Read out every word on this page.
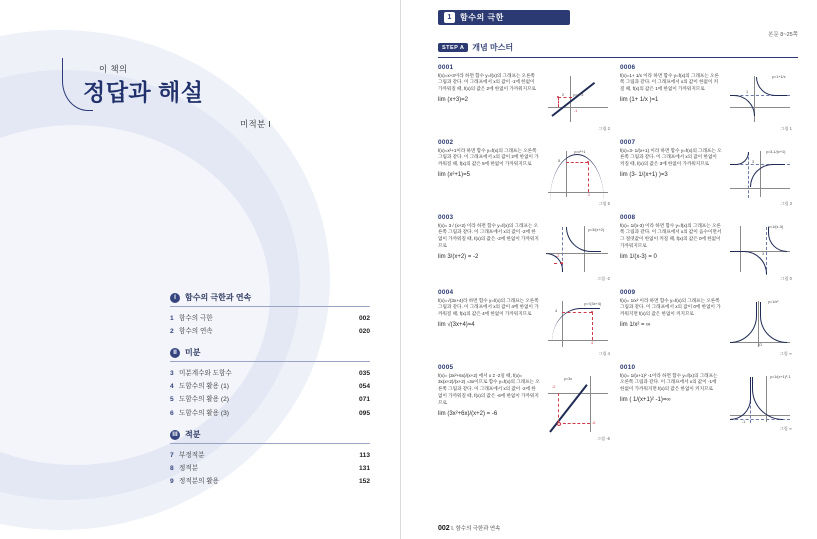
이 책의
정답과 해설
미적분 I
I	함수의 극한과 연속
1 함수의 극한	002
2 함수의 연속	020
II	미분
3 미분계수와 도함수	035
4 도함수의 활용 (1)	054
5 도함수의 활용 (2)	071
6 도함수의 활용 (3)	095
III 적분
7 부정적분	113
8 정적분	131
9 정적분의 활용	152
1	함수의 극한
본문 8~25쪽
STEP A	개념 마스터
0001
f(x)=x+3이라 하면 함수 y=f(x)의 그래프는 오른쪽 그림과 같다. 이 그래프에서 x의 값이 -1에 한없이 가까워질 때, f(x)의 값은 2에 한없이 가까워지므로
lim (x+3)=2
y=x+3
-1
2
그림 2
0002
f(x)=x²+1이라 하면 함수 y=f(x)의 그래프는 오른쪽 그림과 같다. 이 그래프에서 x의 값이 2에 한없이 가까워질 때, f(x)의 값은 5에 한없이 가까워지므로
lim (x²+1)=5
y=x²+1
5
2
그림 5
0003
f(x)= 3 / (x+2) 이라 하면 함수 y=f(x)의 그래프는 오른쪽 그림과 같다. 이 그래프에서 x의 값이 -2에 한없이 가까워질 때, f(x)의 값은 -2에 한없이 가까워지므로
lim 3/(x+2) = -2
y=3/(x+2)
-2
그림 -2
0004
f(x)=√(3x+4)라 하면 함수 y=f(x)의 그래프는 오른쪽 그림과 같다. 이 그래프에서 x의 값이 4에 한없이 가까워질 때, f(x)의 값은 4에 한없이 가까워지므로
lim √(3x+4)=4
y=√(3x+4)
4
4
그림 4
0005
f(x)= (3x²+6x)/(x+2) 에서 x ≠ -2일 때, f(x)= 3x(x+2)/(x+2) =3x이므로 함수 y=f(x)의 그래프는 오른쪽 그림과 같다. 이 그래프에서 x의 값이 -2에 한없이 가까워질 때, f(x)의 값은 -6에 한없이 가까워지므로
lim (3x²+6x)/(x+2) = -6
y=3x
-2
-6
그림 -6
0006
f(x)=1+ 1/x 이라 하면 함수 y=f(x)의 그래프는 오른쪽 그림과 같다. 이 그래프에서 x의 값이 한없이 커질 때, f(x)의 값은 1에 한없이 가까워지므로
lim (1+ 1/x )=1
y=1+1/x
1
그림 1
0007
f(x)=3- 1/(x+1) 이라 하면 함수 y=f(x)의 그래프는 오른쪽 그림과 같다. 이 그래프에서 x의 값이 한없이 커질 때, f(x)의 값은 3에 한없이 가까워지므로
lim (3- 1/(x+1) )=3
y=3-1/(x+1)
3
그림 3
0008
f(x)= 1/(x-3) 이라 하면 함수 y=f(x)의 그래프는 오른쪽 그림과 같다. 이 그래프에서 x의 값이 음수이면서 그 절댓값이 한없이 커질 때, f(x)의 값은 0에 한없이 가까워지므로
lim 1/(x-3) = 0
y=1/(x-3)
3
그림 0
0009
f(x)= 1/x² 이라 하면 함수 y=f(x)의 그래프는 오른쪽 그림과 같다. 이 그래프에서 x의 값이 0에 한없이 가까워지면 f(x)의 값은 한없이 커지므로
lim 1/x² = ∞
y=1/x²
O
그림 ∞
0010
f(x)= 1/(x+1)² -1이라 하면 함수 y=f(x)의 그래프는 오른쪽 그림과 같다. 이 그래프에서 x의 값이 -1에 한없이 가까워지면 f(x)의 값은 한없이 커지므로
lim ( 1/(x+1)² -1)=∞
y=1/(x+1)²-1
-1
그림 ∞
002 I. 함수의 극한과 연속
